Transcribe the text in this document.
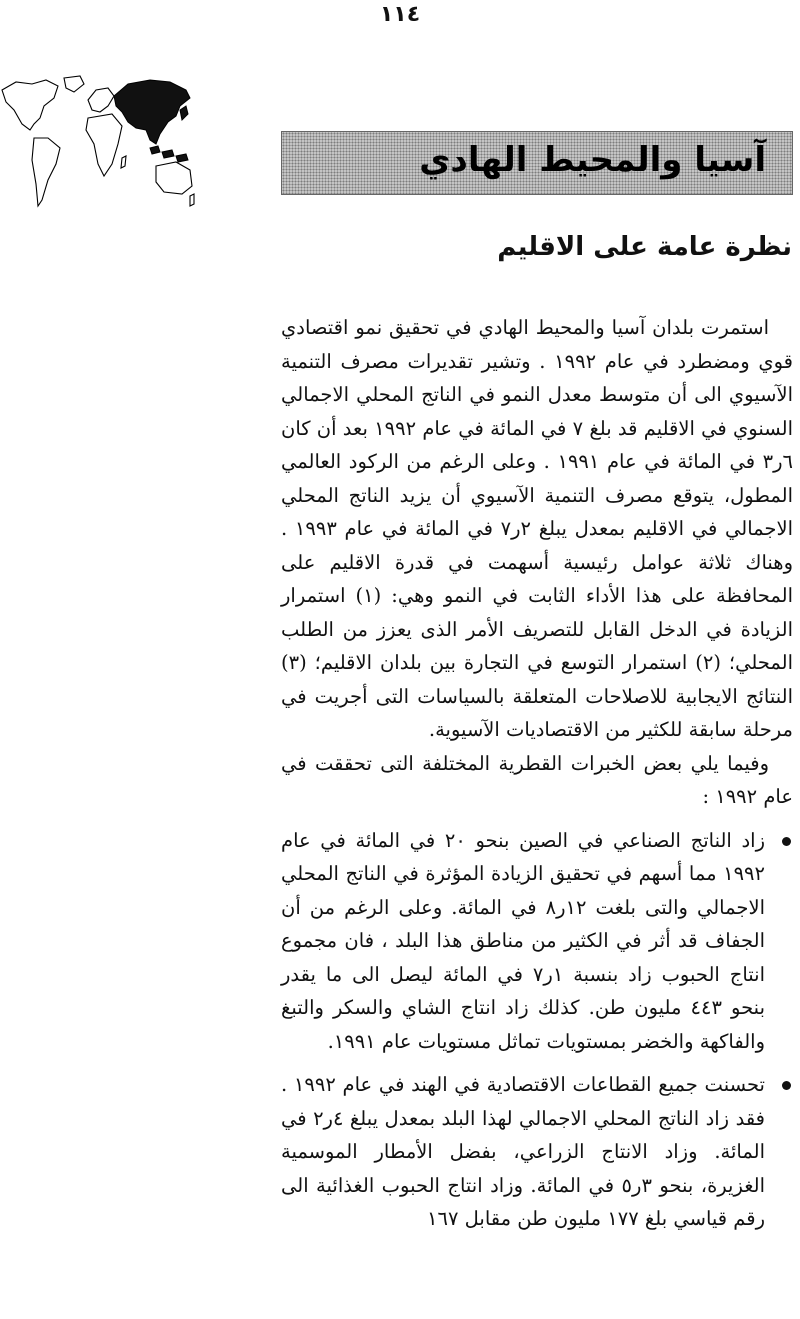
١١٤
آسيا والمحيط الهادي
نظرة عامة على الاقليم

استمرت بلدان آسيا والمحيط الهادي في تحقيق نمو اقتصادي قوي ومضطرد في عام ١٩٩٢ . وتشير تقديرات مصرف التنمية الآسيوي الى أن متوسط معدل النمو في الناتج المحلي الاجمالي السنوي في الاقليم قد بلغ ٧ في المائة في عام ١٩٩٢ بعد أن كان ٦ر٣ في المائة في عام ١٩٩١ . وعلى الرغم من الركود العالمي المطول، يتوقع مصرف التنمية الآسيوي أن يزيد الناتج المحلي الاجمالي في الاقليم بمعدل يبلغ ٢ر٧ في المائة في عام ١٩٩٣ . وهناك ثلاثة عوامل رئيسية أسهمت في قدرة الاقليم على المحافظة على هذا الأداء الثابت في النمو وهي: (١) استمرار الزيادة في الدخل القابل للتصريف الأمر الذى يعزز من الطلب المحلي؛ (٢) استمرار التوسع في التجارة بين بلدان الاقليم؛ (٣) النتائج الايجابية للاصلاحات المتعلقة بالسياسات التى أجريت في مرحلة سابقة للكثير من الاقتصاديات الآسيوية.

وفيما يلي بعض الخبرات القطرية المختلفة التى تحققت في عام ١٩٩٢ :

زاد الناتج الصناعي في الصين بنحو ٢٠ في المائة في عام ١٩٩٢ مما أسهم في تحقيق الزيادة المؤثرة في الناتج المحلي الاجمالي والتى بلغت ١٢ر٨ في المائة. وعلى الرغم من أن الجفاف قد أثر في الكثير من مناطق هذا البلد ، فان مجموع انتاج الحبوب زاد بنسبة ١ر٧ في المائة ليصل الى ما يقدر بنحو ٤٤٣ مليون طن. كذلك زاد انتاج الشاي والسكر والتبغ والفاكهة والخضر بمستويات تماثل مستويات عام ١٩٩١.
تحسنت جميع القطاعات الاقتصادية في الهند في عام ١٩٩٢ . فقد زاد الناتج المحلي الاجمالي لهذا البلد بمعدل يبلغ ٤ر٢ في المائة. وزاد الانتاج الزراعي، بفضل الأمطار الموسمية الغزيرة، بنحو ٣ر٥ في المائة. وزاد انتاج الحبوب الغذائية الى رقم قياسي بلغ ١٧٧ مليون طن مقابل ١٦٧
